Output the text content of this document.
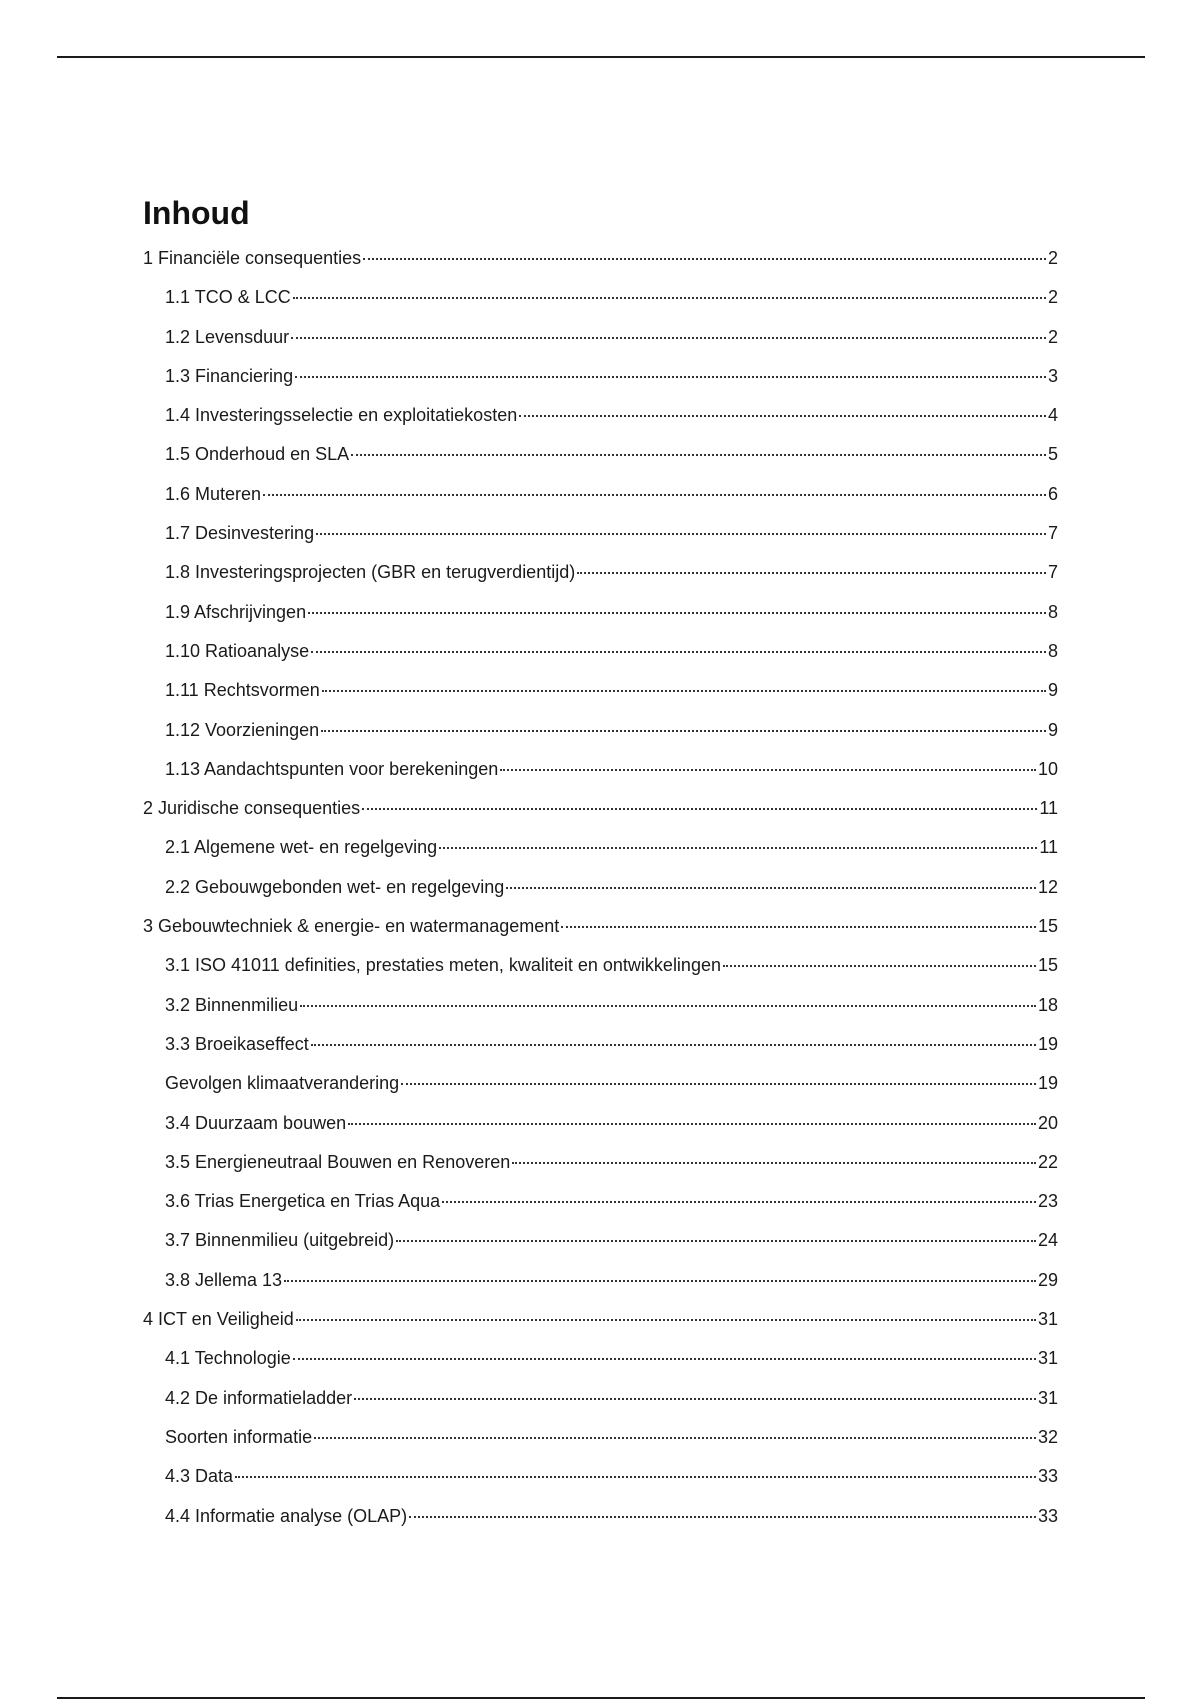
Inhoud
1 Financiële consequenties	2
1.1 TCO & LCC	2
1.2 Levensduur	2
1.3 Financiering	3
1.4 Investeringsselectie en exploitatiekosten	4
1.5 Onderhoud en SLA	5
1.6 Muteren	6
1.7 Desinvestering	7
1.8 Investeringsprojecten (GBR en terugverdientijd)	7
1.9 Afschrijvingen	8
1.10 Ratioanalyse	8
1.11 Rechtsvormen	9
1.12 Voorzieningen	9
1.13 Aandachtspunten voor berekeningen	10
2 Juridische consequenties	11
2.1 Algemene wet- en regelgeving	11
2.2 Gebouwgebonden wet- en regelgeving	12
3 Gebouwtechniek & energie- en watermanagement	15
3.1 ISO 41011 definities, prestaties meten, kwaliteit en ontwikkelingen	15
3.2 Binnenmilieu	18
3.3 Broeikaseffect	19
Gevolgen klimaatverandering	19
3.4 Duurzaam bouwen	20
3.5 Energieneutraal Bouwen en Renoveren	22
3.6 Trias Energetica en Trias Aqua	23
3.7 Binnenmilieu (uitgebreid)	24
3.8 Jellema 13	29
4 ICT en Veiligheid	31
4.1 Technologie	31
4.2 De informatieladder	31
Soorten informatie	32
4.3 Data	33
4.4 Informatie analyse (OLAP)	33
